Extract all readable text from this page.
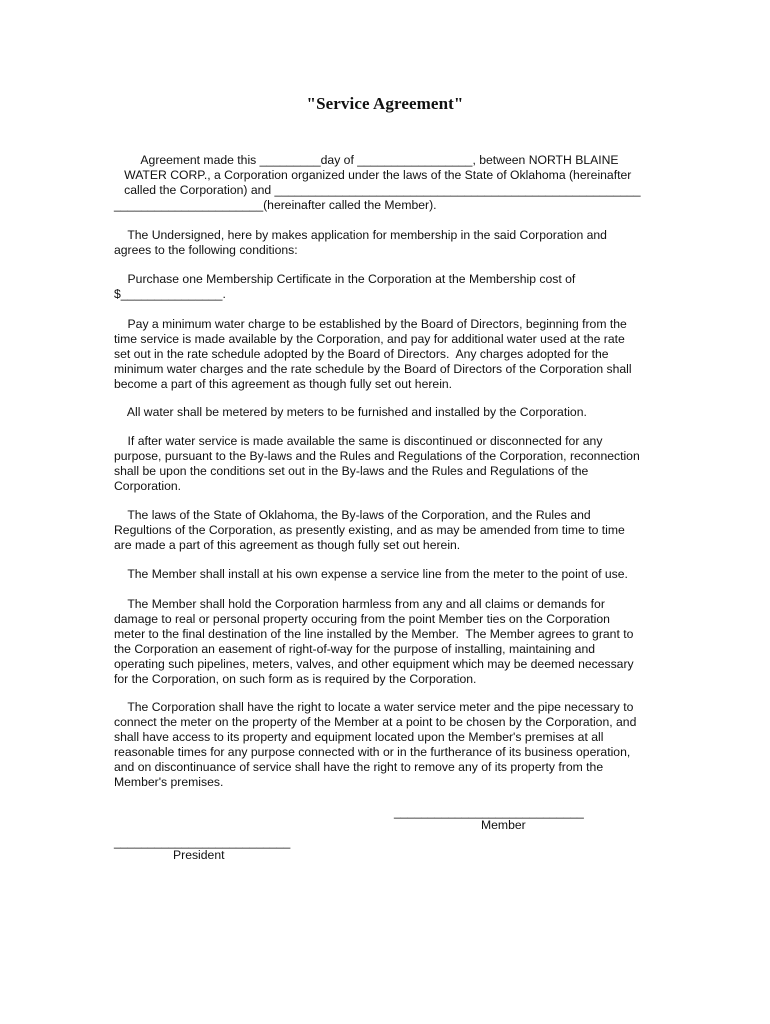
"Service Agreement"
Agreement made this _________day of _________________, between NORTH BLAINE
WATER CORP., a Corporation organized under the laws of the State of Oklahoma (hereinafter
called the Corporation) and ______________________________________________________
______________________(hereinafter called the Member).
The Undersigned, here by makes application for membership in the said Corporation and
agrees to the following conditions:
Purchase one Membership Certificate in the Corporation at the Membership cost of
$_______________.
Pay a minimum water charge to be established by the Board of Directors, beginning from the
time service is made available by the Corporation, and pay for additional water used at the rate
set out in the rate schedule adopted by the Board of Directors.  Any charges adopted for the
minimum water charges and the rate schedule by the Board of Directors of the Corporation shall
become a part of this agreement as though fully set out herein.
All water shall be metered by meters to be furnished and installed by the Corporation.
If after water service is made available the same is discontinued or disconnected for any
purpose, pursuant to the By-laws and the Rules and Regulations of the Corporation, reconnection
shall be upon the conditions set out in the By-laws and the Rules and Regulations of the
Corporation.
The laws of the State of Oklahoma, the By-laws of the Corporation, and the Rules and
Regultions of the Corporation, as presently existing, and as may be amended from time to time
are made a part of this agreement as though fully set out herein.
The Member shall install at his own expense a service line from the meter to the point of use.
The Member shall hold the Corporation harmless from any and all claims or demands for
damage to real or personal property occuring from the point Member ties on the Corporation
meter to the final destination of the line installed by the Member.  The Member agrees to grant to
the Corporation an easement of right-of-way for the purpose of installing, maintaining and
operating such pipelines, meters, valves, and other equipment which may be deemed necessary
for the Corporation, on such form as is required by the Corporation.
The Corporation shall have the right to locate a water service meter and the pipe necessary to
connect the meter on the property of the Member at a point to be chosen by the Corporation, and
shall have access to its property and equipment located upon the Member's premises at all
reasonable times for any purpose connected with or in the furtherance of its business operation,
and on discontinuance of service shall have the right to remove any of its property from the
Member's premises.
____________________________
Member
__________________________
President
